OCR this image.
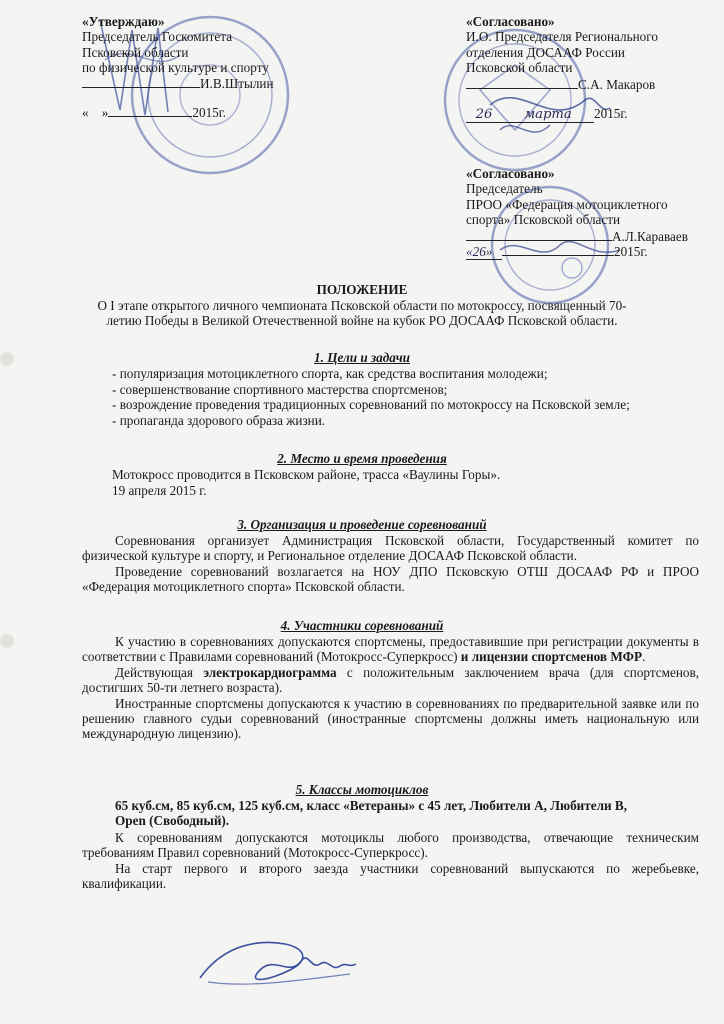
«Утверждаю»
Председатель Госкомитета
Псковской области
по физической культуре и спорту
И.В.Штылин
«    »	2015г.
«Согласовано»
И.О. Председателя Регионального
отделения ДОСААФ России
Псковской области
С.А. Макаров
26 марта 2015г.
«Согласовано»
Председатель
ПРОО «Федерация мотоциклетного
спорта» Псковской области
А.Л.Караваев
«26»	2015г.
ПОЛОЖЕНИЕ
О I этапе открытого личного чемпионата Псковской области по мотокроссу, посвященный 70-
летию Победы в Великой Отечественной войне на кубок РО ДОСААФ Псковской области.
1. Цели и задачи
- популяризация мотоциклетного спорта, как средства воспитания молодежи;
- совершенствование спортивного мастерства спортсменов;
- возрождение проведения традиционных соревнований по мотокроссу на Псковской земле;
- пропаганда здорового образа жизни.
2. Место и время проведения
Мотокросс проводится в Псковском районе, трасса «Ваулины Горы».
19 апреля 2015 г.
3. Организация и проведение соревнований

Соревнования организует Администрация Псковской области, Государственный комитет по физической культуре и спорту, и Региональное отделение ДОСААФ Псковской области.

Проведение соревнований возлагается на НОУ ДПО Псковскую ОТШ ДОСААФ РФ и ПРОО «Федерация мотоциклетного спорта» Псковской области.

4. Участники соревнований

К участию в соревнованиях допускаются спортсмены, предоставившие при регистрации документы в соответствии с Правилами соревнований (Мотокросс-Суперкросс) и лицензии спортсменов МФР.

Действующая электрокардиограмма с положительным заключением врача (для спортсменов, достигших 50-ти летнего возраста).

Иностранные спортсмены допускаются к участию в соревнованиях по предварительной заявке или по решению главного судьи соревнований (иностранные спортсмены должны иметь национальную или международную лицензию).

5. Классы мотоциклов
65 куб.см, 85 куб.см, 125 куб.см, класс «Ветераны» с 45 лет, Любители А, Любители В,
Open (Свободный).

К соревнованиям допускаются мотоциклы любого производства, отвечающие техническим требованиям Правил соревнований (Мотокросс-Суперкросс).

На старт первого и второго заезда участники соревнований выпускаются по жеребьевке, квалификации.
